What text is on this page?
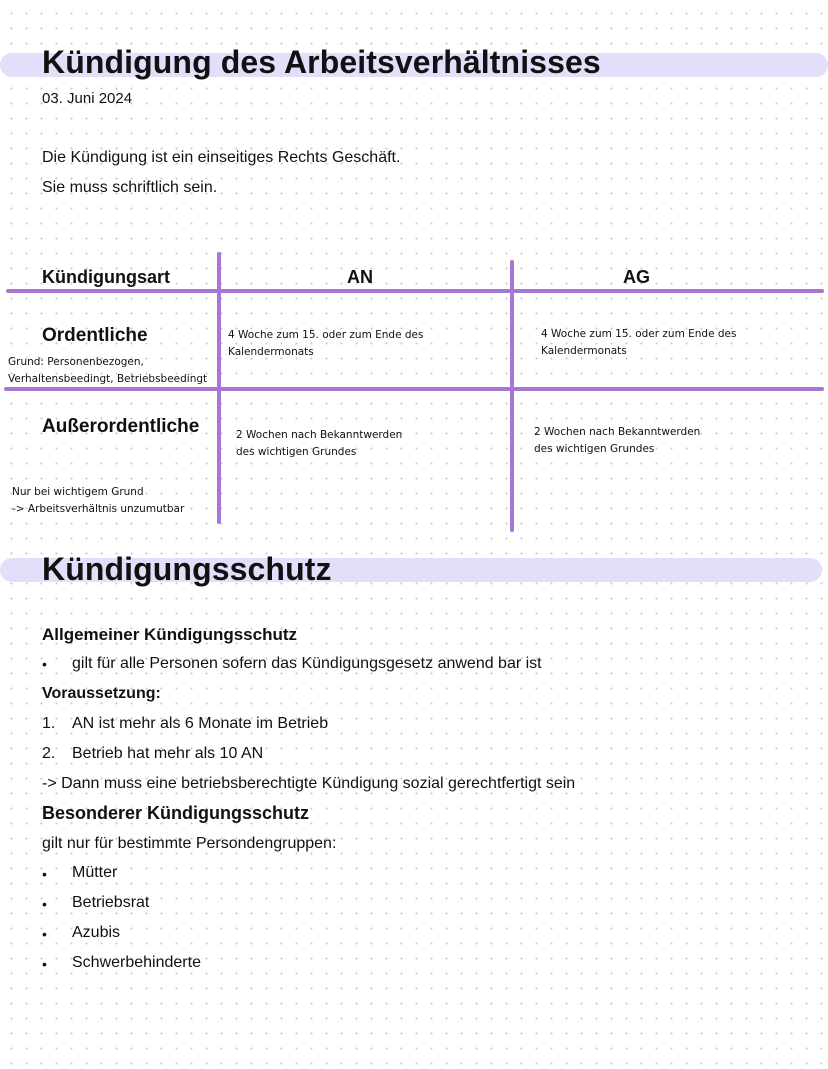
Kündigung des Arbeitsverhältnisses
03. Juni 2024
Die Kündigung ist ein einseitiges Rechts Geschäft.
Sie muss schriftlich sein.
Kündigungsart	AN	AG
Ordentliche
Grund: Personenbezogen,
Verhaltensbeedingt, Betriebsbeedingt
4 Woche zum 15. oder zum Ende des
Kalendermonats
4 Woche zum 15. oder zum Ende des
Kalendermonats
Außerordentliche
Nur bei wichtigem Grund
-> Arbeitsverhältnis unzumutbar
2 Wochen nach Bekanntwerden
des wichtigen Grundes
2 Wochen nach Bekanntwerden
des wichtigen Grundes
Kündigungsschutz
Allgemeiner Kündigungsschutz
• gilt für alle Personen sofern das Kündigungsgesetz anwend bar ist
Voraussetzung:
1. AN ist mehr als 6 Monate im Betrieb
2. Betrieb hat mehr als 10 AN
-> Dann muss eine betriebsberechtigte Kündigung sozial gerechtfertigt sein
Besonderer Kündigungsschutz
gilt nur für bestimmte Persondengruppen:
• Mütter
• Betriebsrat
• Azubis
• Schwerbehinderte
